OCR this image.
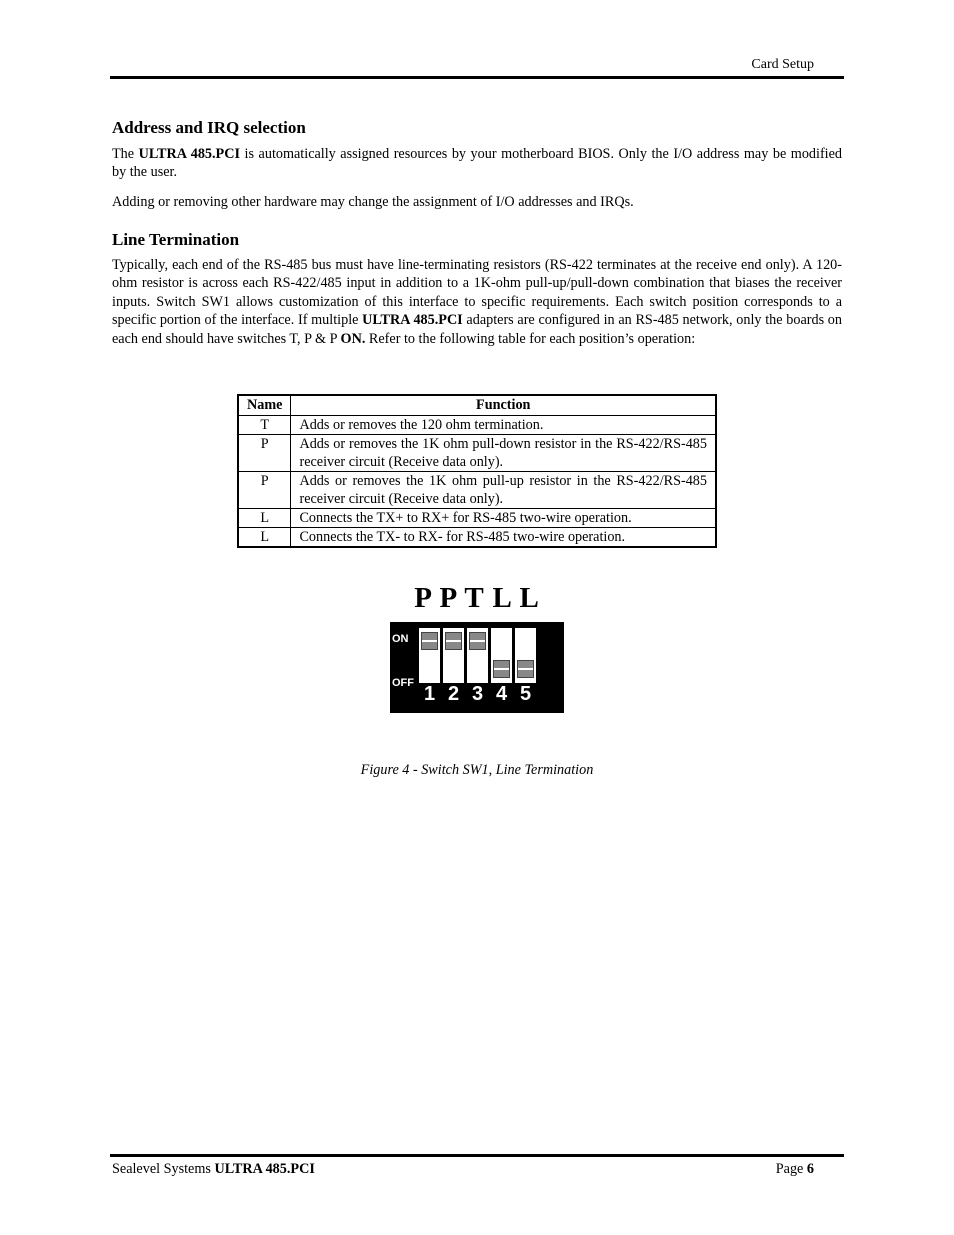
Card Setup
Address and IRQ selection

The ULTRA 485.PCI is automatically assigned resources by your motherboard BIOS. Only the I/O address may be modified by the user.

Adding or removing other hardware may change the assignment of I/O addresses and IRQs.

Line Termination

Typically, each end of the RS-485 bus must have line-terminating resistors (RS-422 terminates at the receive end only). A 120-ohm resistor is across each RS-422/485 input in addition to a 1K-ohm pull-up/pull-down combination that biases the receiver inputs. Switch SW1 allows customization of this interface to specific requirements. Each switch position corresponds to a specific portion of the interface. If multiple ULTRA 485.PCI adapters are configured in an RS-485 network, only the boards on each end should have switches T, P & P ON. Refer to the following table for each position’s operation:

Name	Function
T	Adds or removes the 120 ohm termination.
P	Adds or removes the 1K ohm pull-down resistor in the RS-422/RS-485 receiver circuit (Receive data only).
P	Adds or removes the 1K ohm pull-up resistor in the RS-422/RS-485 receiver circuit (Receive data only).
L	Connects the TX+ to RX+ for RS-485 two-wire operation.
L	Connects the TX- to RX- for RS-485 two-wire operation.
P P T L L
ON
OFF 1 2 3 4 5
Figure 4 - Switch SW1, Line Termination
Sealevel Systems ULTRA 485.PCI	Page 6
